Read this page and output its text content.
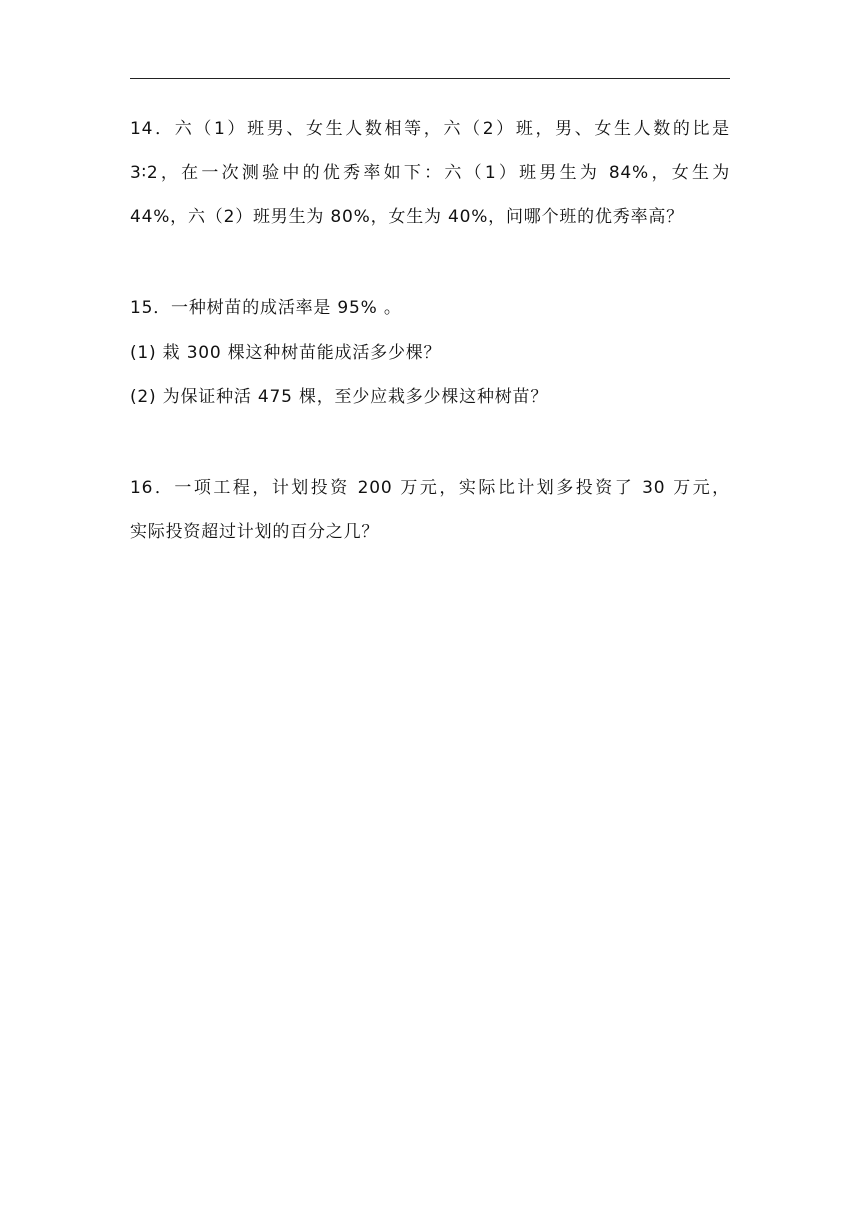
14．六（1）班男、女生人数相等，六（2）班，男、女生人数的比是
3∶2，在一次测验中的优秀率如下：六（1）班男生为 84%，女生为
44%，六（2）班男生为 80%，女生为 40%，问哪个班的优秀率高？
15．一种树苗的成活率是 95% 。
(1) 栽 300 棵这种树苗能成活多少棵？
(2) 为保证种活 475 棵，至少应栽多少棵这种树苗？
16．一项工程，计划投资 200 万元，实际比计划多投资了 30 万元，
实际投资超过计划的百分之几？
